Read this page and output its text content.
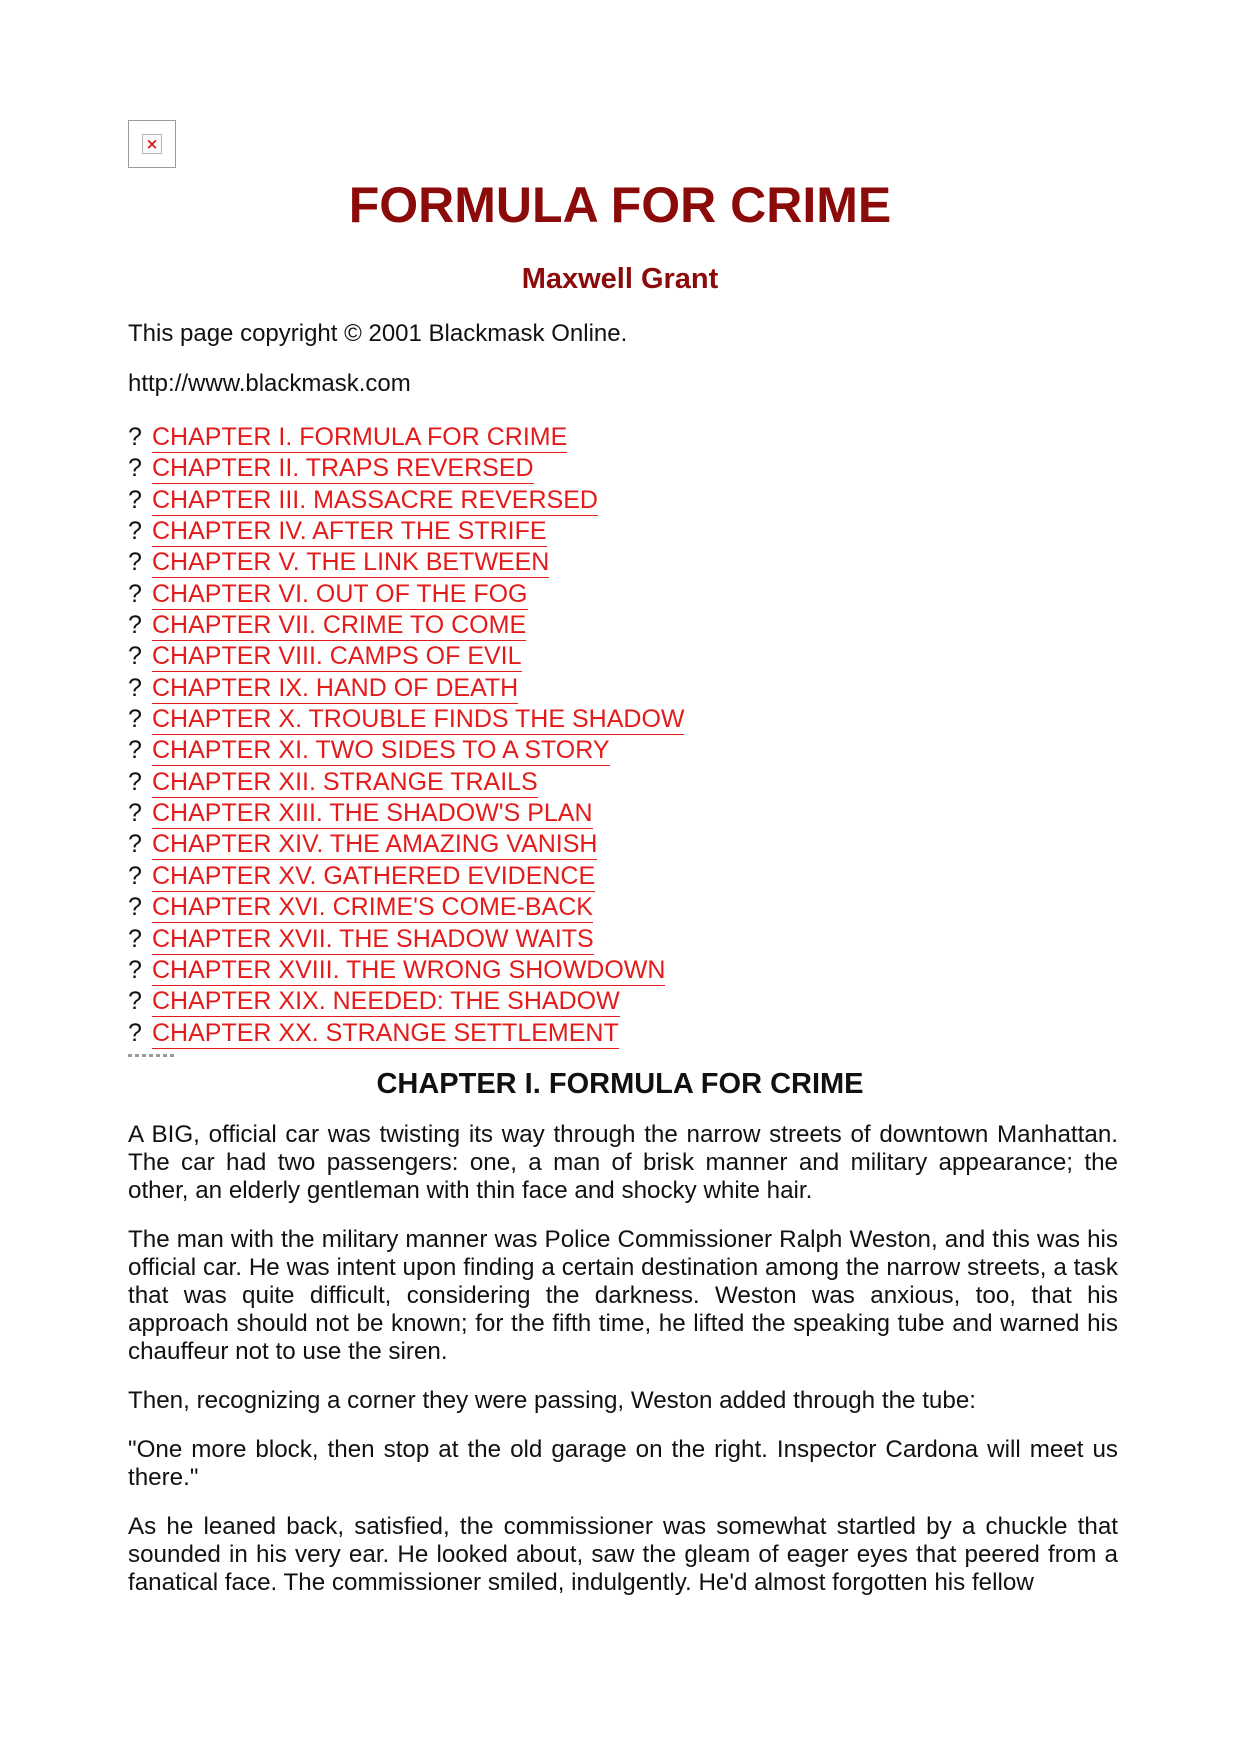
×
FORMULA FOR CRIME
Maxwell Grant

This page copyright © 2001 Blackmask Online.

http://www.blackmask.com

? CHAPTER I. FORMULA FOR CRIME
? CHAPTER II. TRAPS REVERSED
? CHAPTER III. MASSACRE REVERSED
? CHAPTER IV. AFTER THE STRIFE
? CHAPTER V. THE LINK BETWEEN
? CHAPTER VI. OUT OF THE FOG
? CHAPTER VII. CRIME TO COME
? CHAPTER VIII. CAMPS OF EVIL
? CHAPTER IX. HAND OF DEATH
? CHAPTER X. TROUBLE FINDS THE SHADOW
? CHAPTER XI. TWO SIDES TO A STORY
? CHAPTER XII. STRANGE TRAILS
? CHAPTER XIII. THE SHADOW'S PLAN
? CHAPTER XIV. THE AMAZING VANISH
? CHAPTER XV. GATHERED EVIDENCE
? CHAPTER XVI. CRIME'S COME-BACK
? CHAPTER XVII. THE SHADOW WAITS
? CHAPTER XVIII. THE WRONG SHOWDOWN
? CHAPTER XIX. NEEDED: THE SHADOW
? CHAPTER XX. STRANGE SETTLEMENT
CHAPTER I. FORMULA FOR CRIME

A BIG, official car was twisting its way through the narrow streets of downtown Manhattan. The car had two passengers: one, a man of brisk manner and military appearance; the other, an elderly gentleman with thin face and shocky white hair.

The man with the military manner was Police Commissioner Ralph Weston, and this was his official car. He was intent upon finding a certain destination among the narrow streets, a task that was quite difficult, considering the darkness. Weston was anxious, too, that his approach should not be known; for the fifth time, he lifted the speaking tube and warned his chauffeur not to use the siren.

Then, recognizing a corner they were passing, Weston added through the tube:

"One more block, then stop at the old garage on the right. Inspector Cardona will meet us there."

As he leaned back, satisfied, the commissioner was somewhat startled by a chuckle that sounded in his very ear. He looked about, saw the gleam of eager eyes that peered from a fanatical face. The commissioner smiled, indulgently. He'd almost forgotten his fellow
